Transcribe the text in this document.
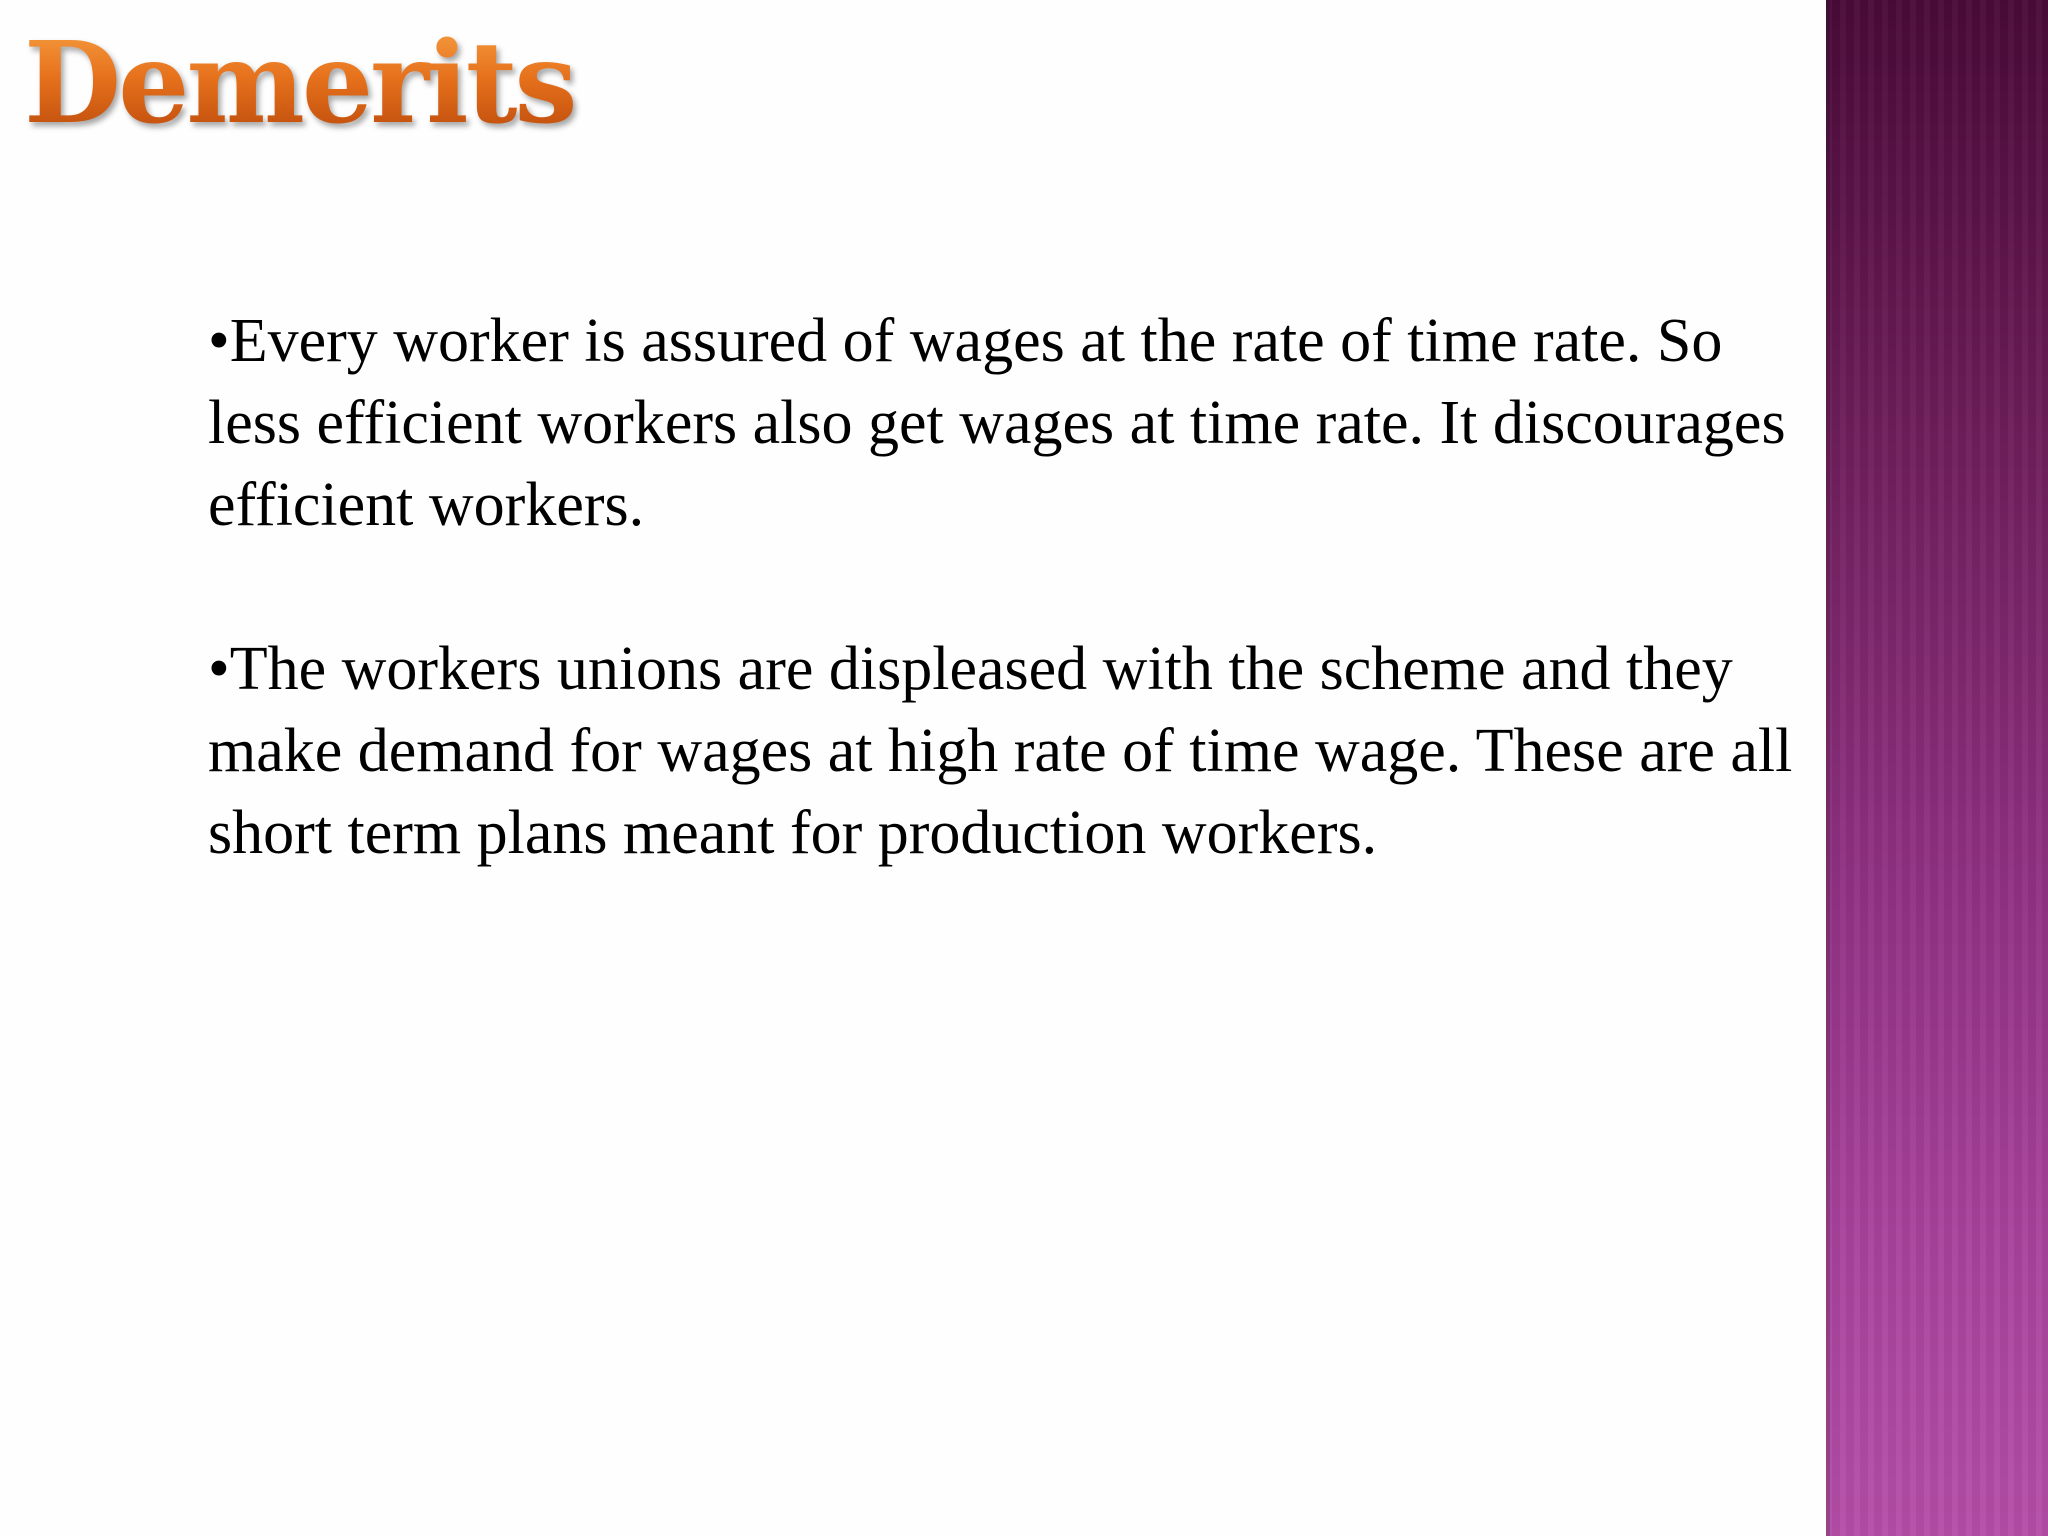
Demerits

•Every worker is assured of wages at the rate of time rate. So less efficient workers also get wages at time rate. It discourages efficient workers.

•The workers unions are displeased with the scheme and they make demand for wages at high rate of time wage. These are all short term plans meant for production workers.
